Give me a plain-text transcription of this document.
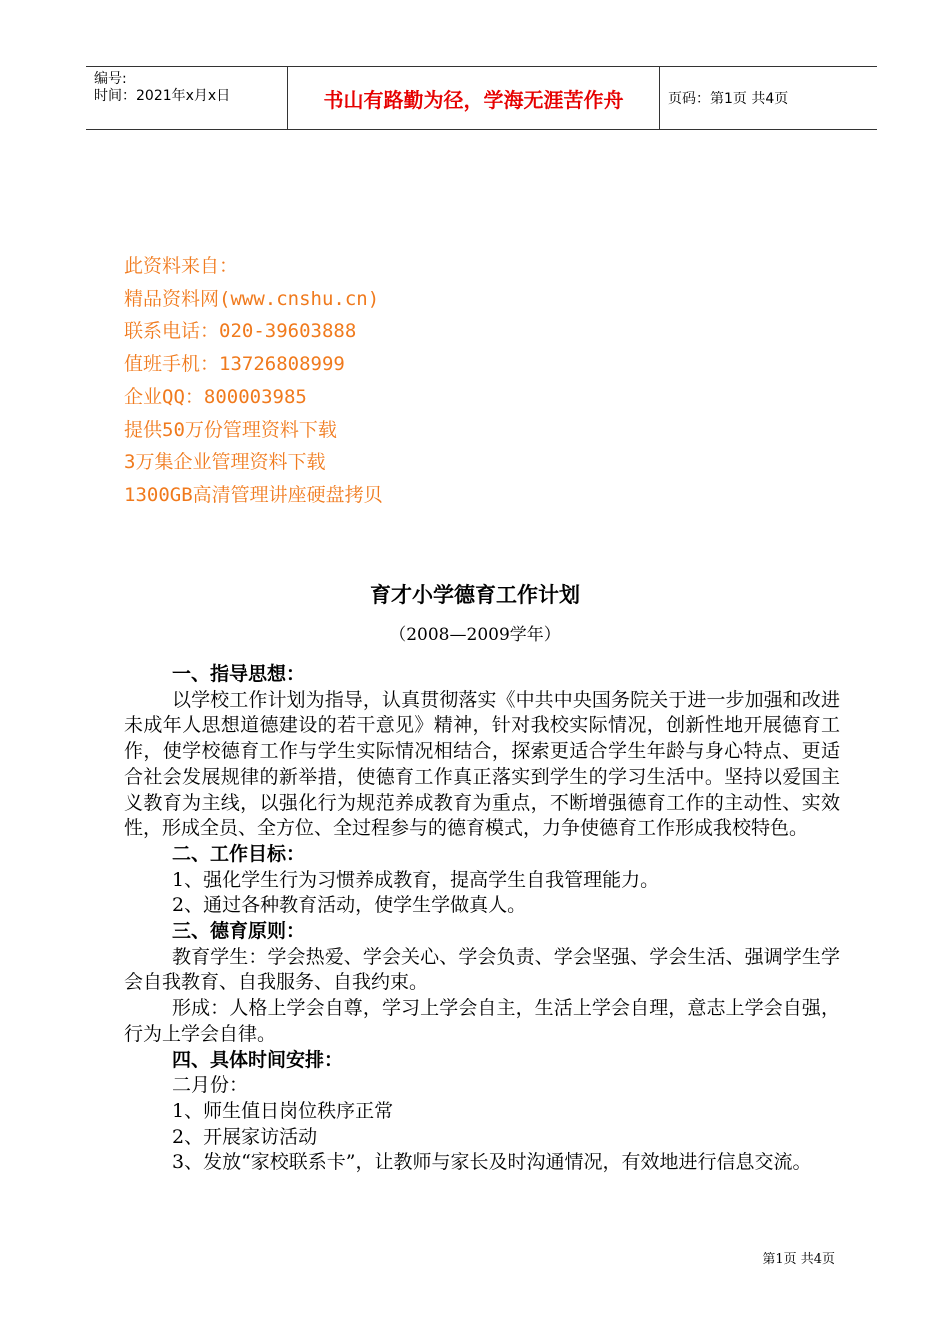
编号:
时间：2021年x月x日	书山有路勤为径，学海无涯苦作舟	页码：第1页 共4页
此资料来自：
精品资料网(www.cnshu.cn)
联系电话：020-39603888
值班手机：13726808999
企业QQ：800003985
提供50万份管理资料下载
3万集企业管理资料下载
1300GB高清管理讲座硬盘拷贝
育才小学德育工作计划
（2008—2009学年）

一、指导思想：

以学校工作计划为指导，认真贯彻落实《中共中央国务院关于进一步加强和改进未成年人思想道德建设的若干意见》精神，针对我校实际情况，创新性地开展德育工作，使学校德育工作与学生实际情况相结合，探索更适合学生年龄与身心特点、更适合社会发展规律的新举措，使德育工作真正落实到学生的学习生活中。坚持以爱国主义教育为主线，以强化行为规范养成教育为重点，不断增强德育工作的主动性、实效性，形成全员、全方位、全过程参与的德育模式，力争使德育工作形成我校特色。

二、工作目标：

1、强化学生行为习惯养成教育，提高学生自我管理能力。

2、通过各种教育活动，使学生学做真人。

三、德育原则：

教育学生：学会热爱、学会关心、学会负责、学会坚强、学会生活、强调学生学会自我教育、自我服务、自我约束。

形成：人格上学会自尊，学习上学会自主，生活上学会自理，意志上学会自强，行为上学会自律。

四、具体时间安排：

二月份：

1、师生值日岗位秩序正常

2、开展家访活动

3、发放“家校联系卡”，让教师与家长及时沟通情况，有效地进行信息交流。

第1页 共4页
